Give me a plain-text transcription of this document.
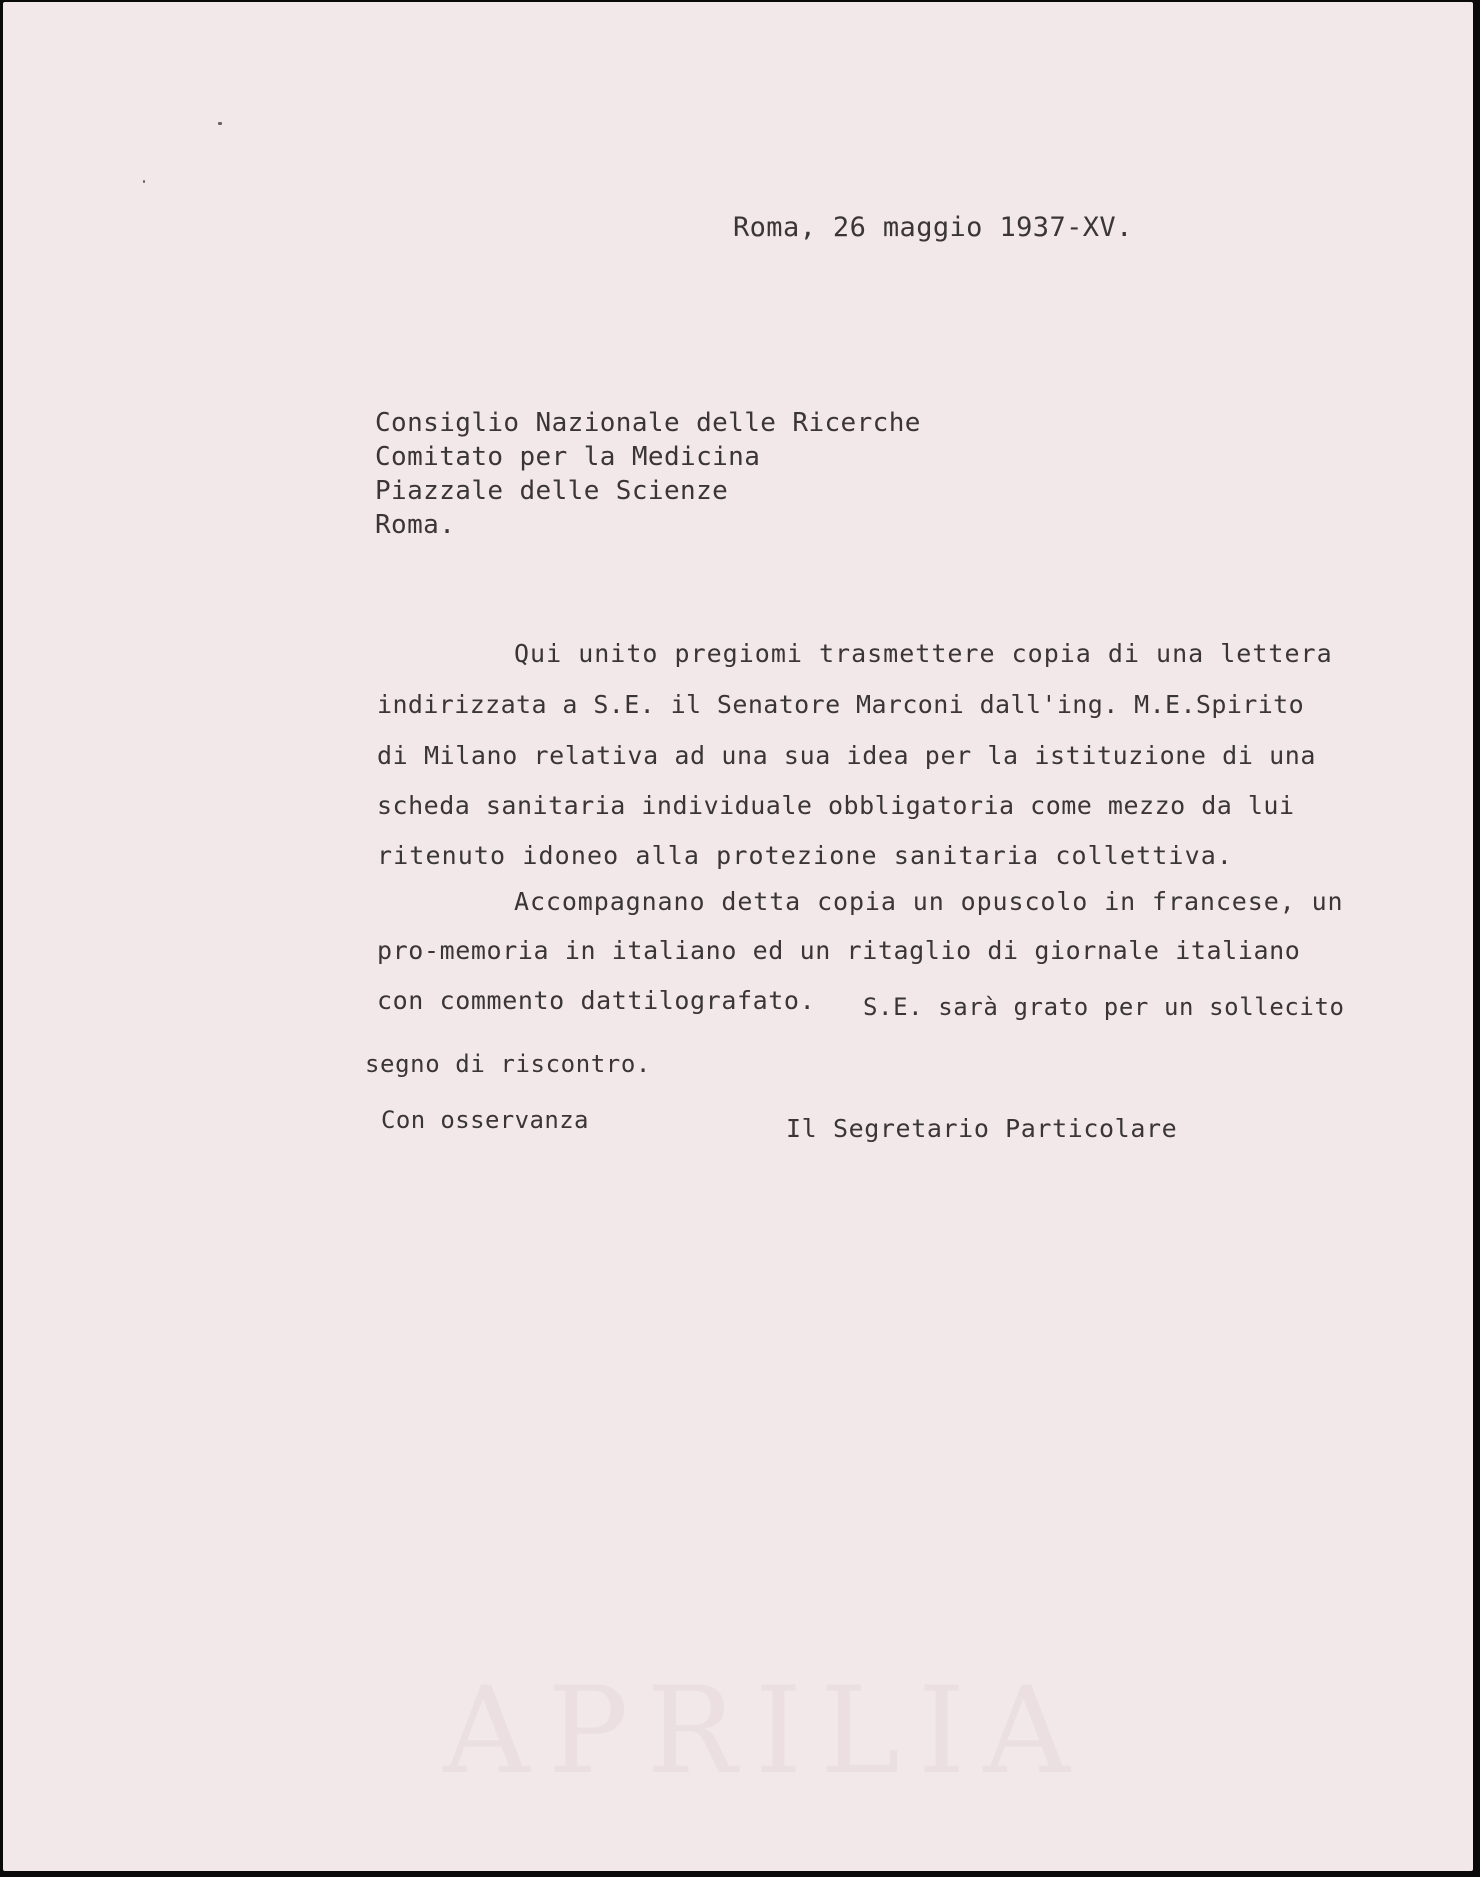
APRILIA
Roma, 26 maggio 1937-XV.
Consiglio Nazionale delle Ricerche
Comitato per la Medicina
Piazzale delle Scienze
Roma.
Qui unito pregiomi trasmettere copia di una lettera
indirizzata a S.E. il Senatore Marconi dall'ing. M.E.Spirito
di Milano relativa ad una sua idea per la istituzione di una
scheda sanitaria individuale obbligatoria come mezzo da lui
ritenuto idoneo alla protezione sanitaria collettiva.
Accompagnano detta copia un opuscolo in francese, un
pro-memoria in italiano ed un ritaglio di giornale italiano
con commento dattilografato. S.E. sarà grato per un sollecito
segno di riscontro.
Con osservanza	Il Segretario Particolare
